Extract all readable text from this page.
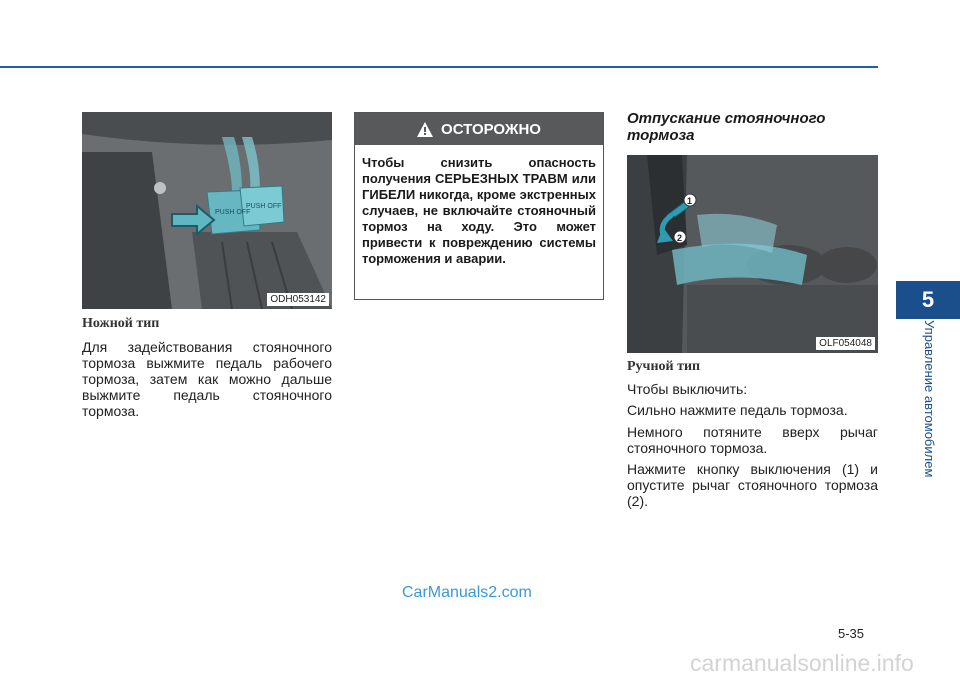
PUSH OFF
PUSH OFF
ODH053142
Ножной тип

Для задействования стояночного тормоза выжмите педаль рабочего тормоза, затем как можно дальше выжмите педаль стояночного тормоза.

ОСТОРОЖНО
Чтобы снизить опасность получения СЕРЬЕЗНЫХ ТРАВМ или ГИБЕЛИ никогда, кроме экстренных случаев, не включайте стояночный тормоз на ходу. Это может привести к повреждению системы торможения и аварии.
Отпускание стояночного тормоза
1
2
OLF054048
Ручной тип

Чтобы выключить:

Сильно нажмите педаль тормоза.

Немного потяните вверх рычаг стояночного тормоза.

Нажмите кнопку выключения (1) и опустите рычаг стояночного тормоза (2).

5
Управление автомобилем
CarManuals2.com
5-35
carmanualsonline.info
